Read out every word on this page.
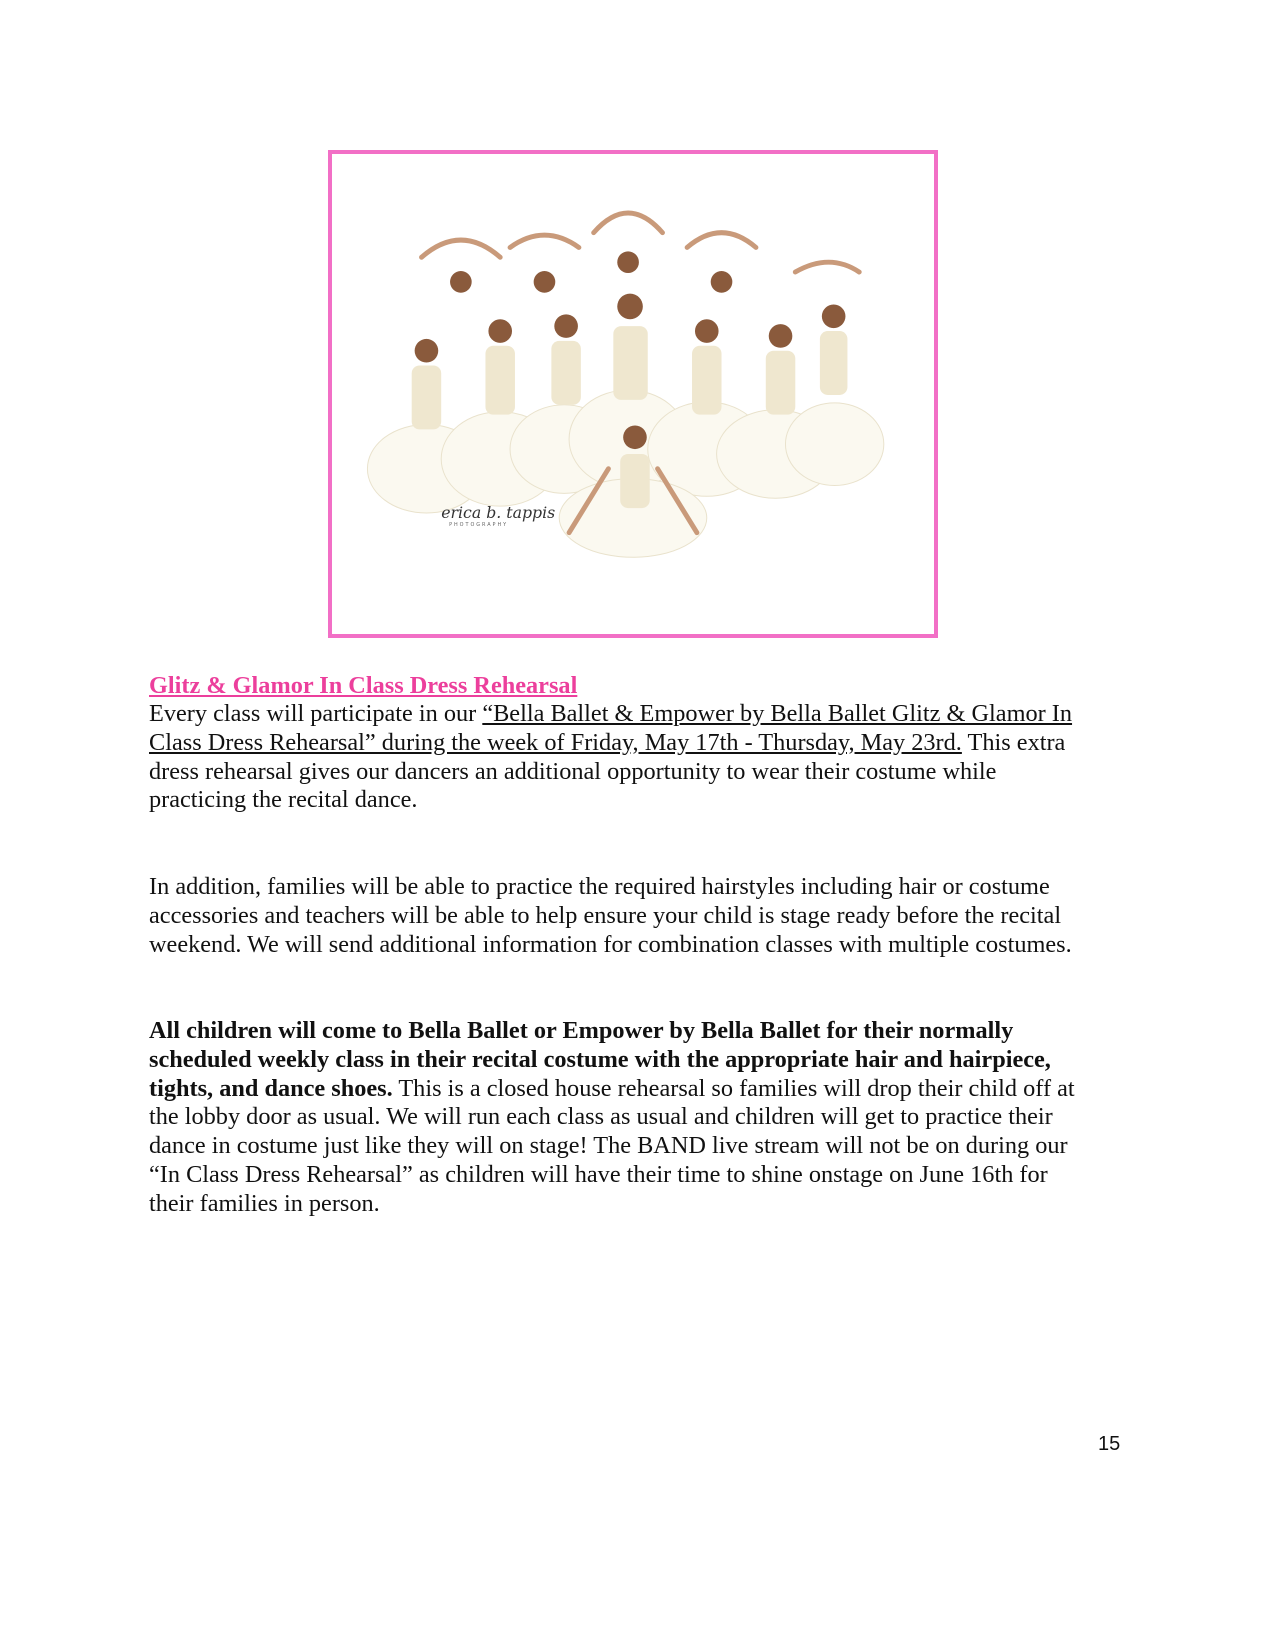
erica b. tappis
PHOTOGRAPHY
Glitz & Glamor In Class Dress Rehearsal
Every class will participate in our “Bella Ballet & Empower by Bella Ballet Glitz & Glamor In
Class Dress Rehearsal” during the week of Friday, May 17th - Thursday, May 23rd. This extra
dress rehearsal gives our dancers an additional opportunity to wear their costume while
practicing the recital dance.
In addition, families will be able to practice the required hairstyles including hair or costume
accessories and teachers will be able to help ensure your child is stage ready before the recital
weekend. We will send additional information for combination classes with multiple costumes.
All children will come to Bella Ballet or Empower by Bella Ballet for their normally
scheduled weekly class in their recital costume with the appropriate hair and hairpiece,
tights, and dance shoes. This is a closed house rehearsal so families will drop their child off at
the lobby door as usual. We will run each class as usual and children will get to practice their
dance in costume just like they will on stage! The BAND live stream will not be on during our
“In Class Dress Rehearsal” as children will have their time to shine onstage on June 16th for
their families in person.
15
